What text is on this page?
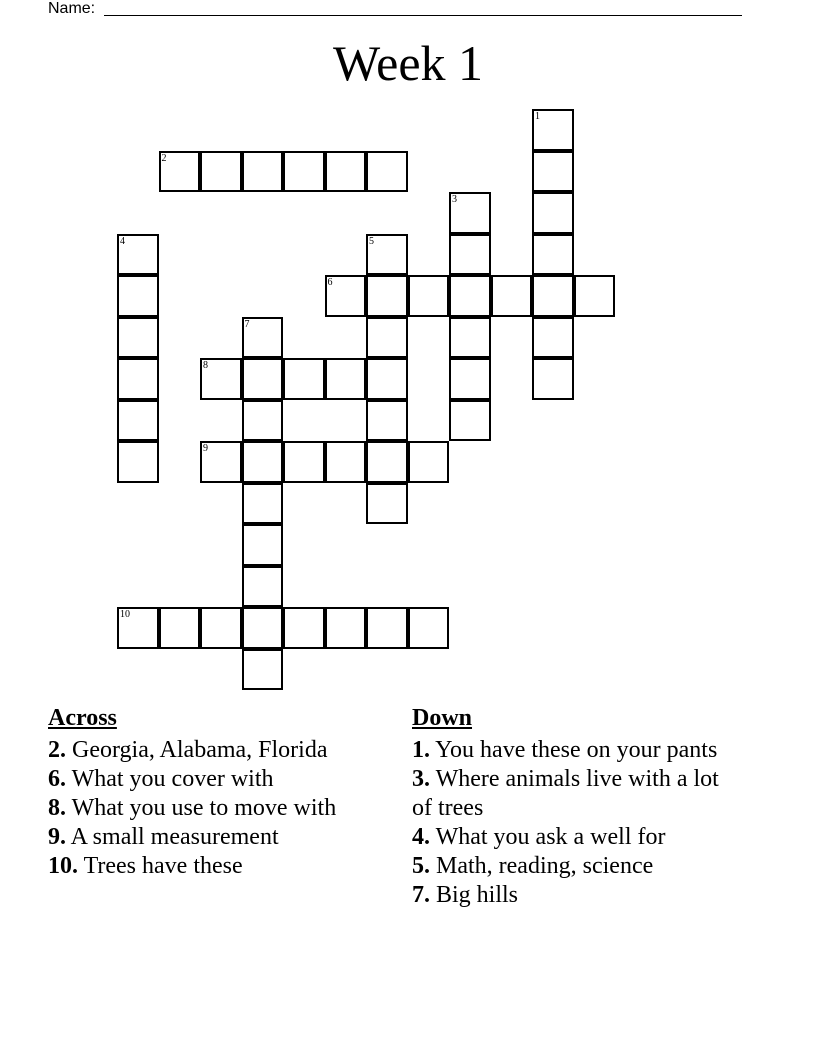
Name:
Week 1
1
2
3
4	5
6
7
8
9
10
Across

2. Georgia, Alabama, Florida

6. What you cover with

8. What you use to move with

9. A small measurement

10. Trees have these

Down

1. You have these on your pants

3. Where animals live with a lot of trees

4. What you ask a well for

5. Math, reading, science

7. Big hills
